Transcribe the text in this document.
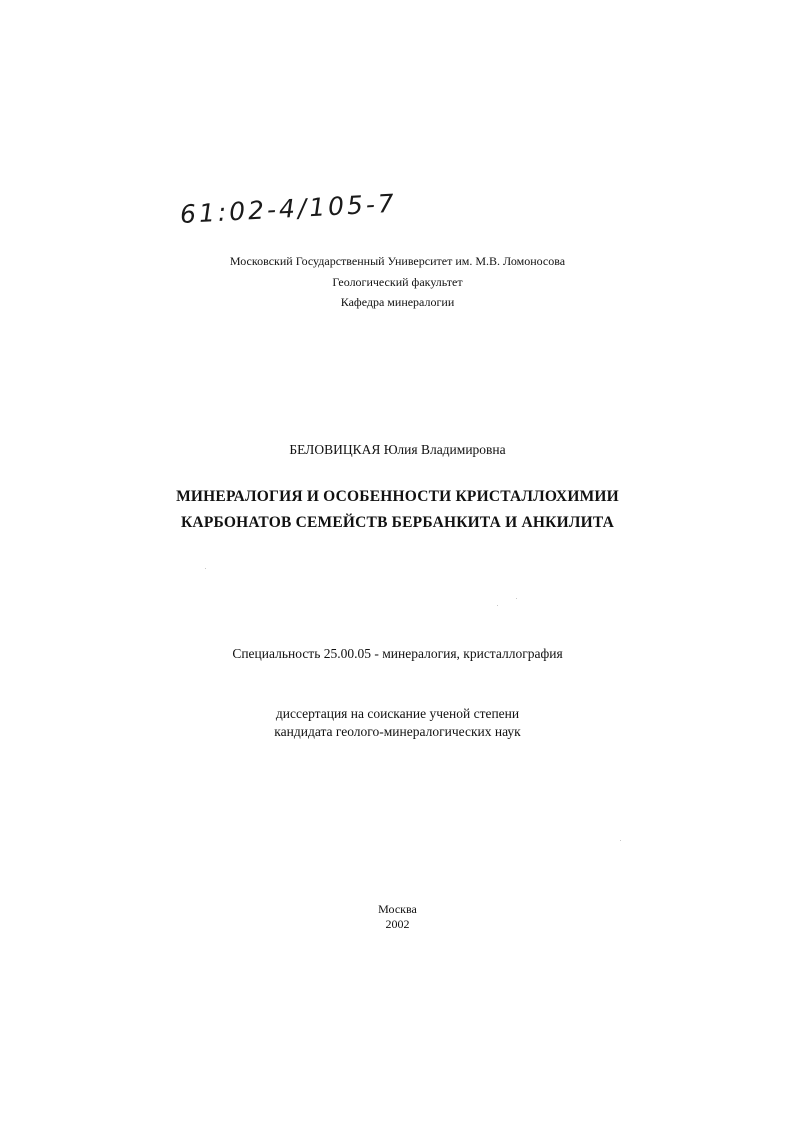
61:02-4/105-7
Московский Государственный Университет им. М.В. Ломоносова
Геологический факультет
Кафедра минералогии
БЕЛОВИЦКАЯ Юлия Владимировна
МИНЕРАЛОГИЯ И ОСОБЕННОСТИ КРИСТАЛЛОХИМИИ
КАРБОНАТОВ СЕМЕЙСТВ БЕРБАНКИТА И АНКИЛИТА
Специальность 25.00.05 - минералогия, кристаллография
диссертация на соискание ученой степени
кандидата геолого-минералогических наук
Москва
2002
